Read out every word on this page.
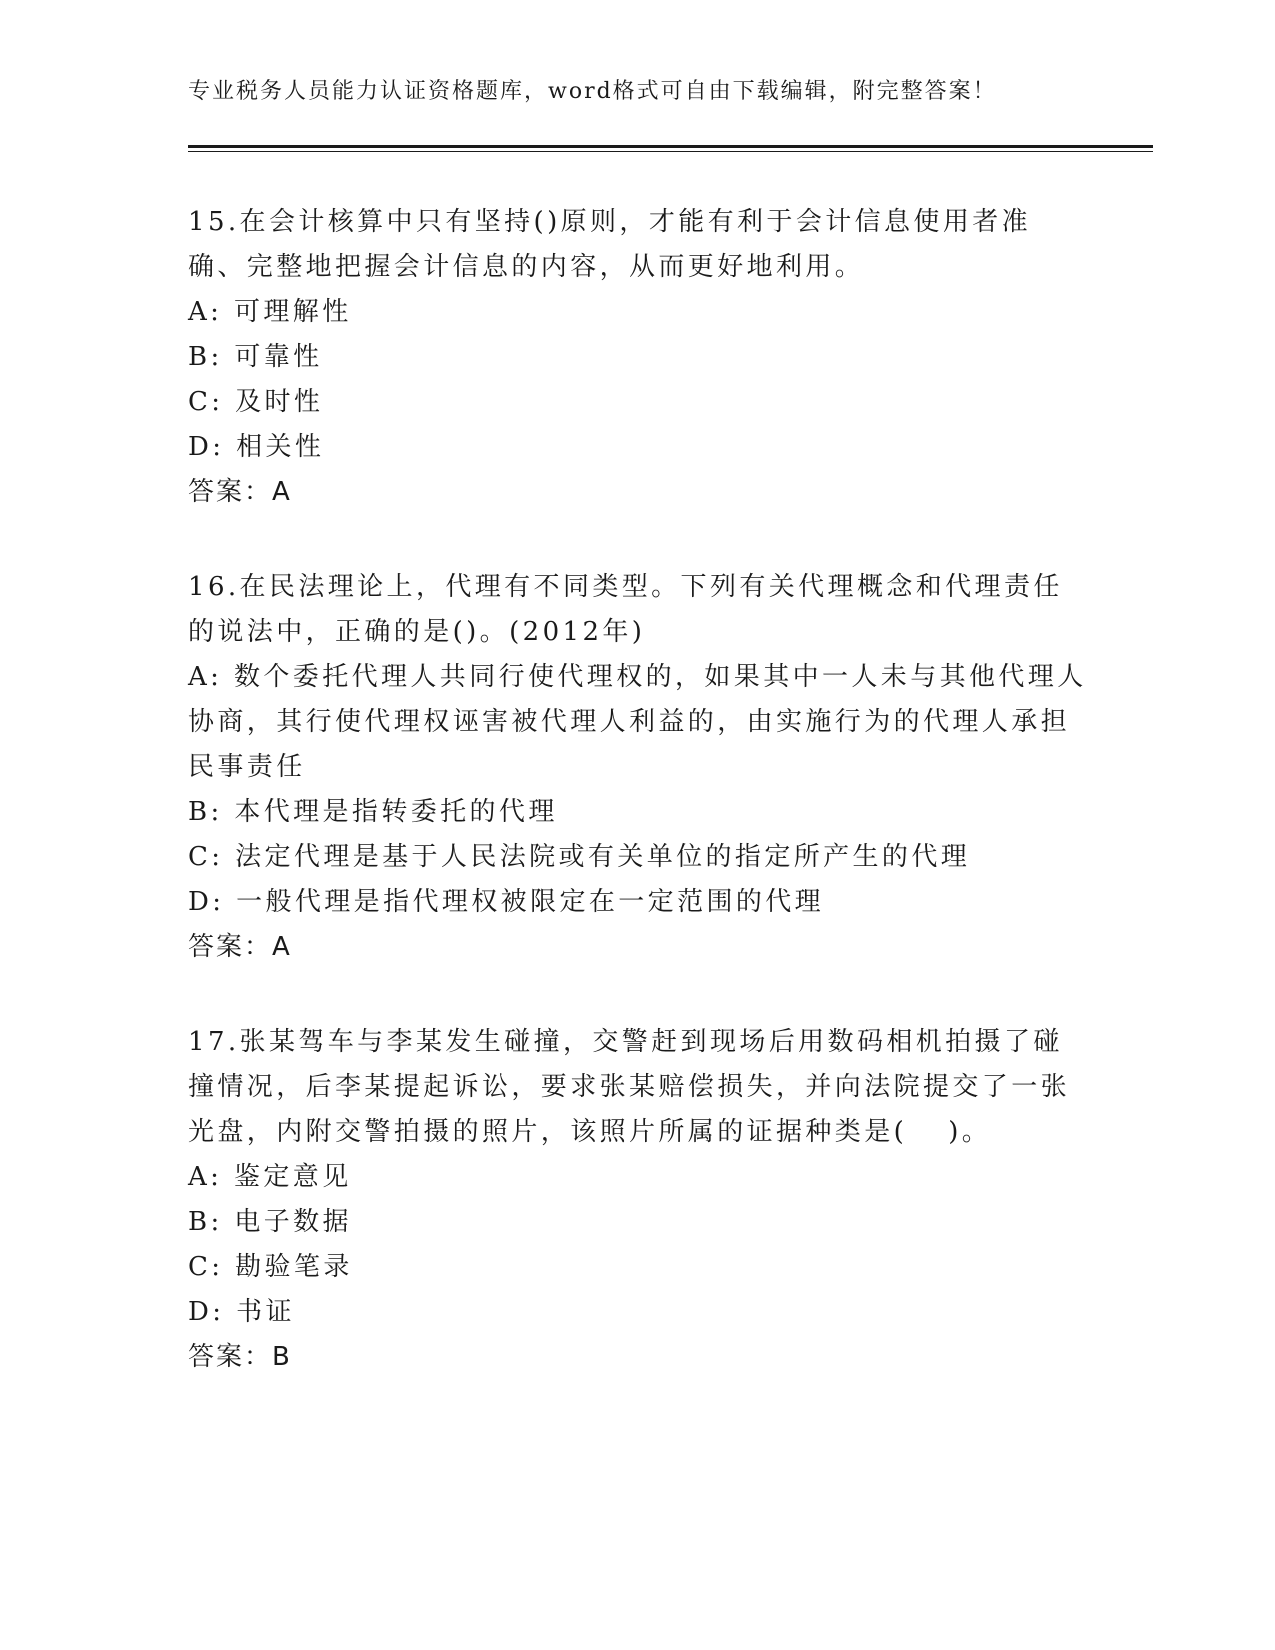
专业税务人员能力认证资格题库，word格式可自由下载编辑，附完整答案！

15.在会计核算中只有坚持()原则，才能有利于会计信息使用者准确、完整地把握会计信息的内容，从而更好地利用。

A: 可理解性

B: 可靠性

C: 及时性

D: 相关性

答案：A

16.在民法理论上，代理有不同类型。下列有关代理概念和代理责任的说法中，正确的是()。(2012年)

A: 数个委托代理人共同行使代理权的，如果其中一人未与其他代理人协商，其行使代理权诬害被代理人利益的，由实施行为的代理人承担民事责任

B: 本代理是指转委托的代理

C: 法定代理是基于人民法院或有关单位的指定所产生的代理

D: 一般代理是指代理权被限定在一定范围的代理

答案：A

17.张某驾车与李某发生碰撞，交警赶到现场后用数码相机拍摄了碰撞情况，后李某提起诉讼，要求张某赔偿损失，并向法院提交了一张光盘，内附交警拍摄的照片，该照片所属的证据种类是(　 )。

A: 鉴定意见

B: 电子数据

C: 勘验笔录

D: 书证

答案：B
